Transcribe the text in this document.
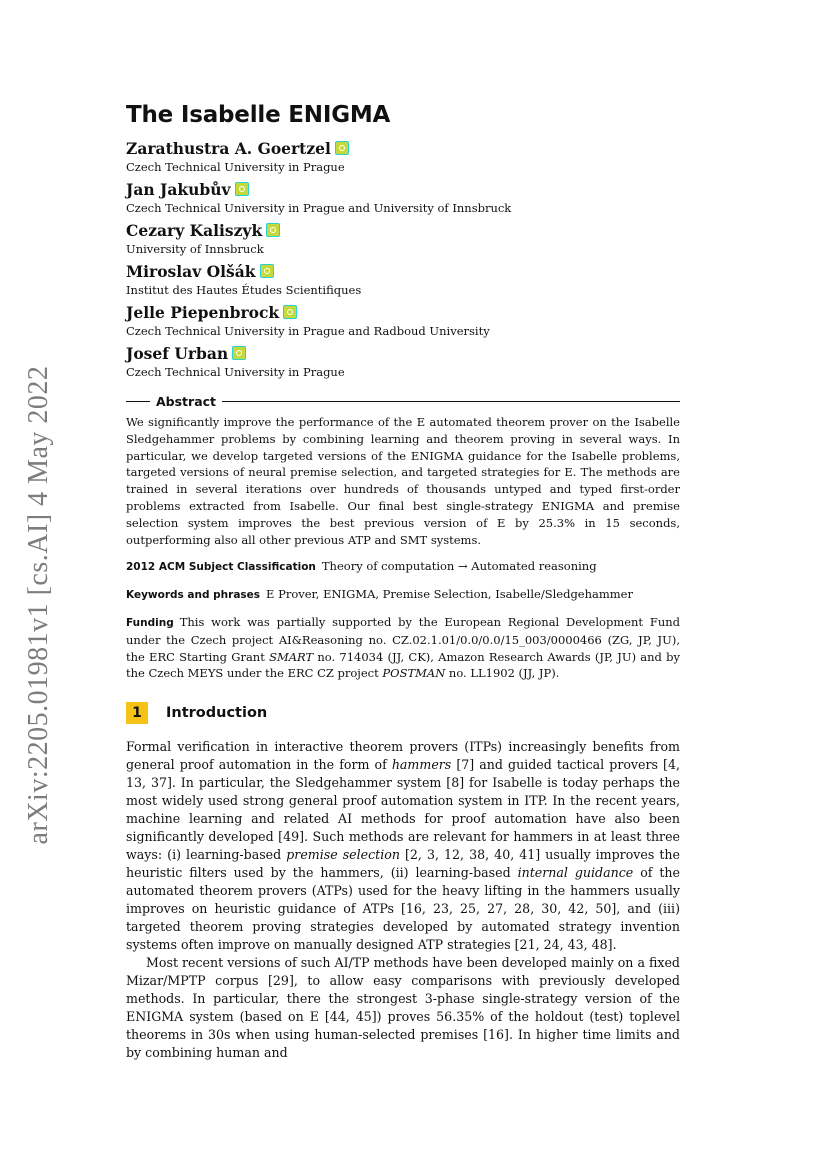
arXiv:2205.01981v1 [cs.AI] 4 May 2022
The Isabelle ENIGMA
Zarathustra A. Goertzel
Czech Technical University in Prague
Jan Jakubův
Czech Technical University in Prague and University of Innsbruck
Cezary Kaliszyk
University of Innsbruck
Miroslav Olšák
Institut des Hautes Études Scientifiques
Jelle Piepenbrock
Czech Technical University in Prague and Radboud University
Josef Urban
Czech Technical University in Prague
Abstract
We significantly improve the performance of the E automated theorem prover on the Isabelle Sledgehammer problems by combining learning and theorem proving in several ways. In particular, we develop targeted versions of the ENIGMA guidance for the Isabelle problems, targeted versions of neural premise selection, and targeted strategies for E. The methods are trained in several iterations over hundreds of thousands untyped and typed first-order problems extracted from Isabelle. Our final best single-strategy ENIGMA and premise selection system improves the best previous version of E by 25.3% in 15 seconds, outperforming also all other previous ATP and SMT systems.
2012 ACM Subject Classification Theory of computation → Automated reasoning
Keywords and phrases E Prover, ENIGMA, Premise Selection, Isabelle/Sledgehammer
Funding This work was partially supported by the European Regional Development Fund under the Czech project AI&Reasoning no. CZ.02.1.01/0.0/0.0/15_003/0000466 (ZG, JP, JU), the ERC Starting Grant SMART no. 714034 (JJ, CK), Amazon Research Awards (JP, JU) and by the Czech MEYS under the ERC CZ project POSTMAN no. LL1902 (JJ, JP).
1	Introduction

Formal verification in interactive theorem provers (ITPs) increasingly benefits from general proof automation in the form of hammers [7] and guided tactical provers [4, 13, 37]. In particular, the Sledgehammer system [8] for Isabelle is today perhaps the most widely used strong general proof automation system in ITP. In the recent years, machine learning and related AI methods for proof automation have also been significantly developed [49]. Such methods are relevant for hammers in at least three ways: (i) learning-based premise selection [2, 3, 12, 38, 40, 41] usually improves the heuristic filters used by the hammers, (ii) learning-based internal guidance of the automated theorem provers (ATPs) used for the heavy lifting in the hammers usually improves on heuristic guidance of ATPs [16, 23, 25, 27, 28, 30, 42, 50], and (iii) targeted theorem proving strategies developed by automated strategy invention systems often improve on manually designed ATP strategies [21, 24, 43, 48].

Most recent versions of such AI/TP methods have been developed mainly on a fixed Mizar/MPTP corpus [29], to allow easy comparisons with previously developed methods. In particular, there the strongest 3-phase single-strategy version of the ENIGMA system (based on E [44, 45]) proves 56.35% of the holdout (test) toplevel theorems in 30s when using human-selected premises [16]. In higher time limits and by combining human and
